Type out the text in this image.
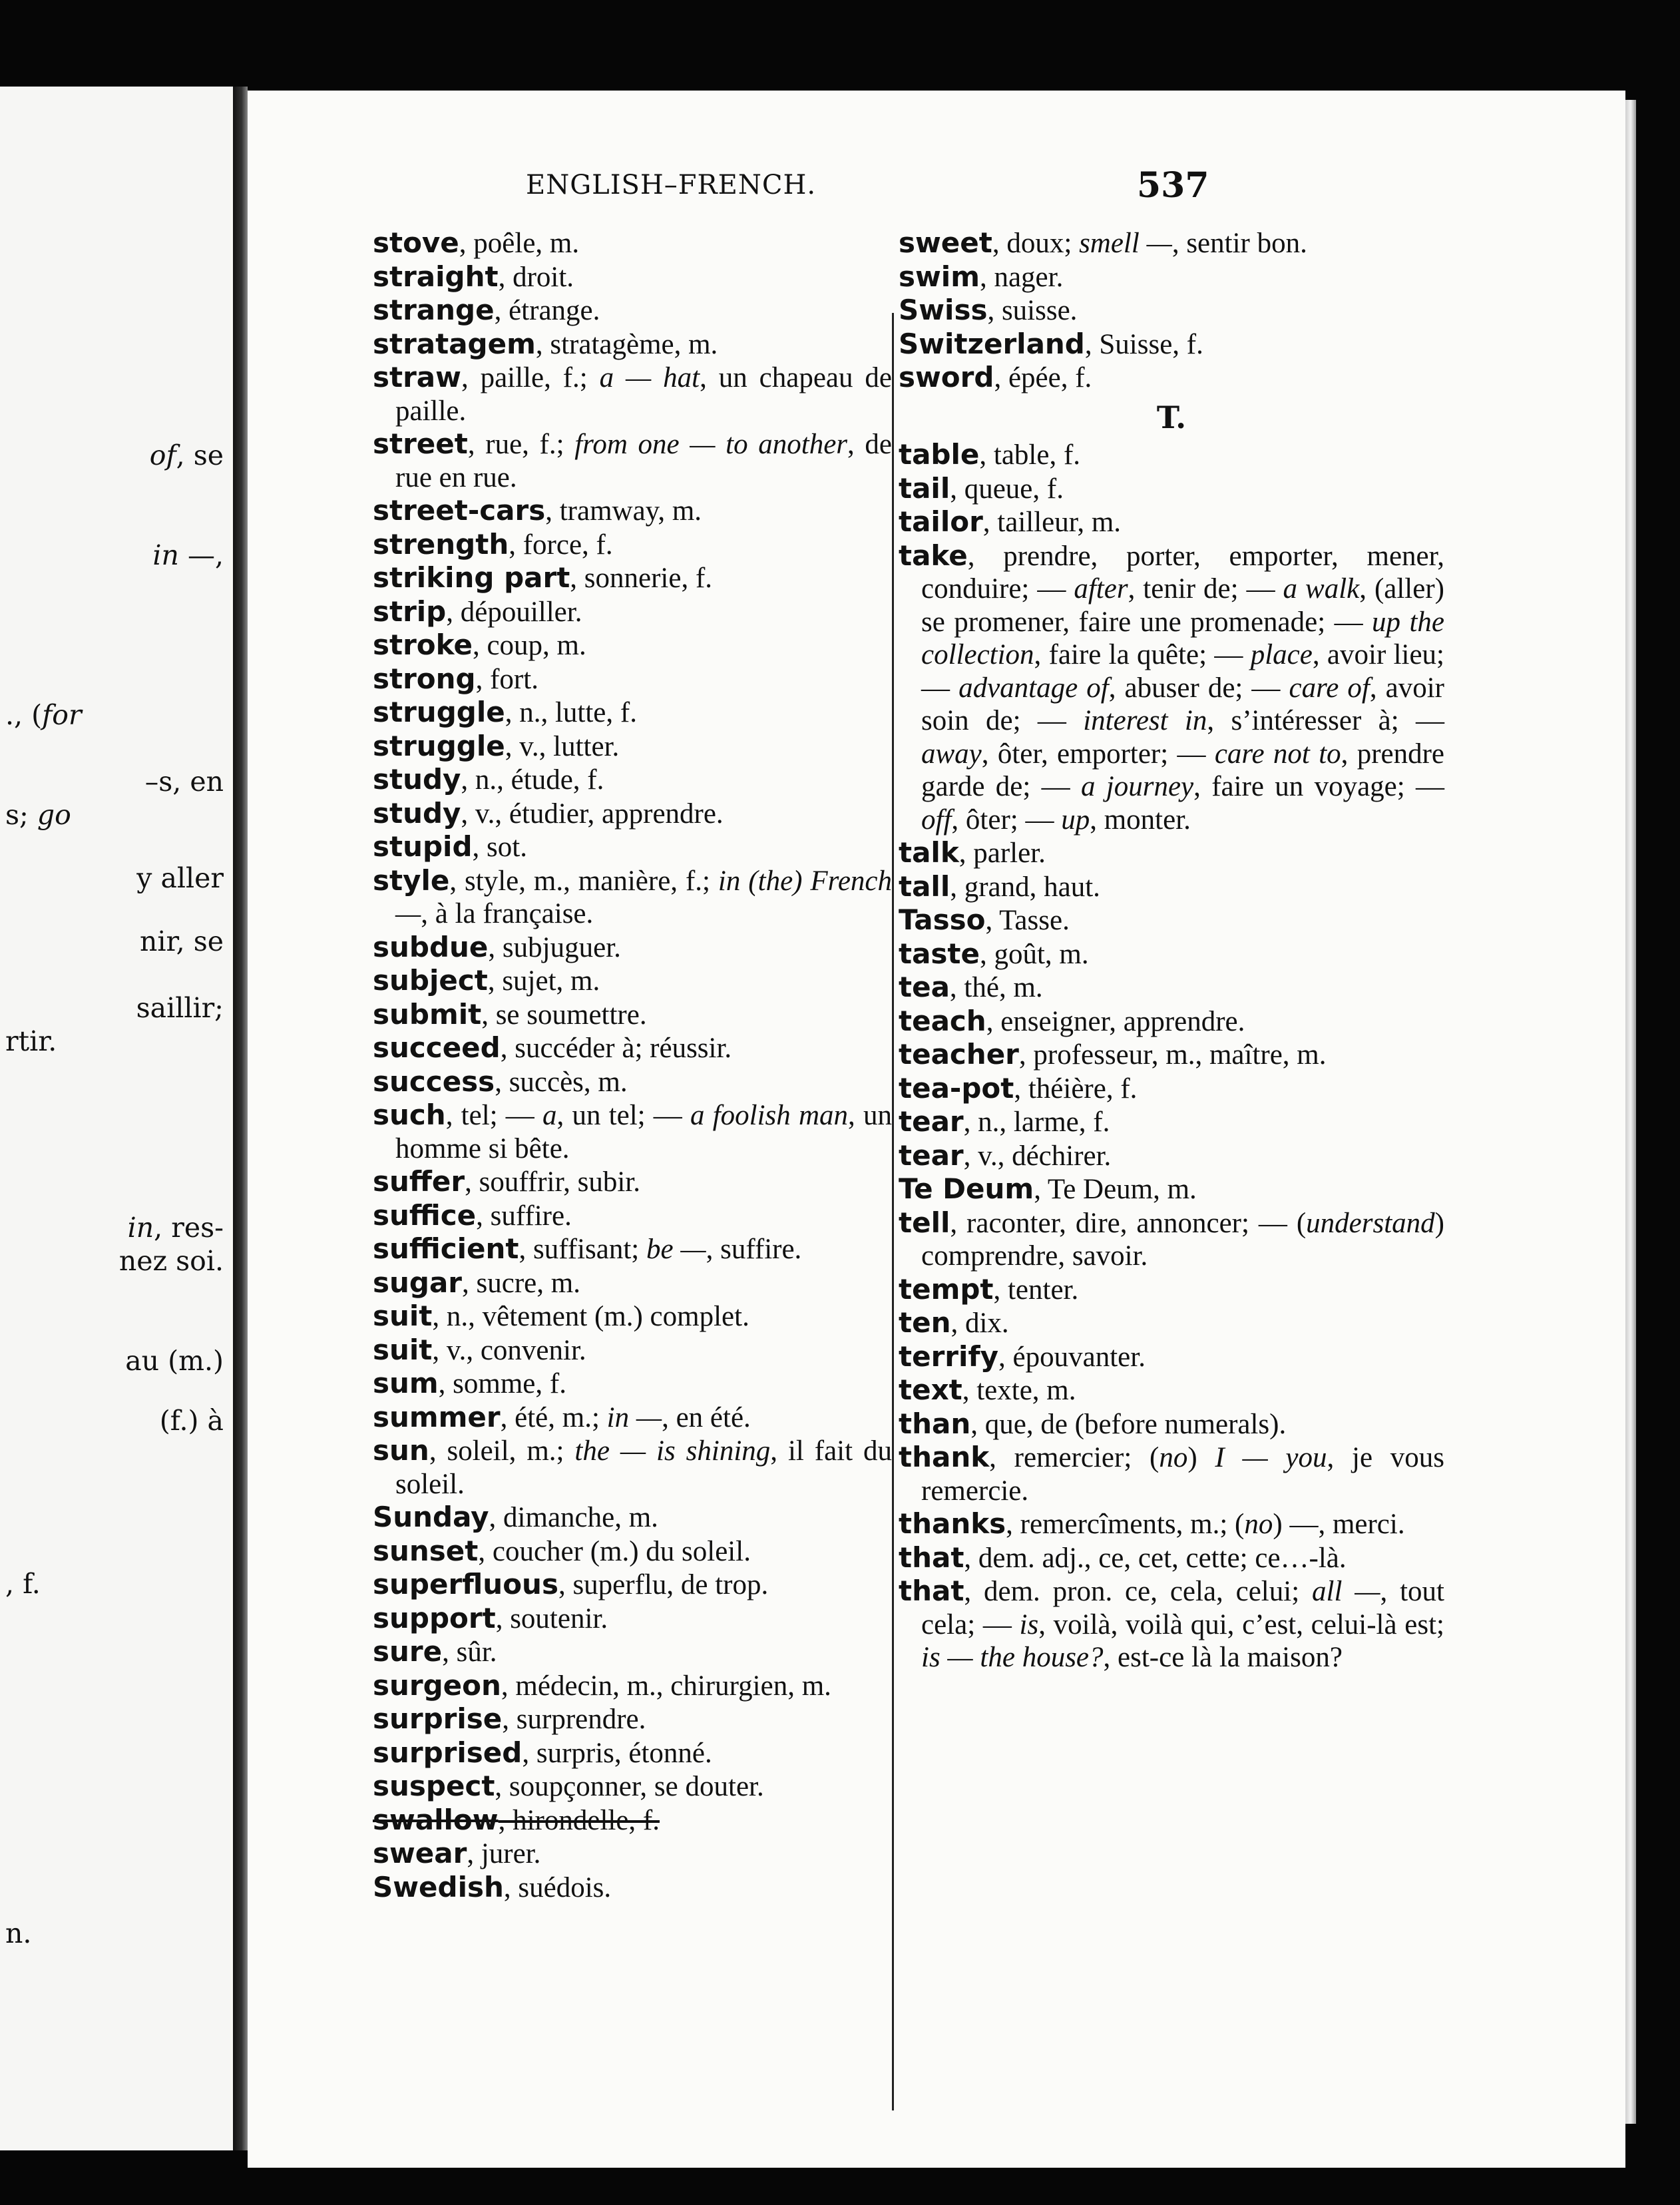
of, se
in —,
., (for
–s, en
s; go
y aller
nir, se
saillir;
rtir.
in, res-
nez soi.
au (m.)
(f.) à
, f.
n.
ENGLISH–FRENCH.	537

stove, poêle, m.

straight, droit.

strange, étrange.

stratagem, stratagème, m.

straw, paille, f.; a — hat, un chapeau de paille.

street, rue, f.; from one — to another, de rue en rue.

street-cars, tramway, m.

strength, force, f.

striking part, sonnerie, f.

strip, dépouiller.

stroke, coup, m.

strong, fort.

struggle, n., lutte, f.

struggle, v., lutter.

study, n., étude, f.

study, v., étudier, apprendre.

stupid, sot.

style, style, m., manière, f.; in (the) French —, à la française.

subdue, subjuguer.

subject, sujet, m.

submit, se soumettre.

succeed, succéder à; réussir.

success, succès, m.

such, tel; — a, un tel; — a foolish man, un homme si bête.

suffer, souffrir, subir.

suffice, suffire.

sufficient, suffisant; be —, suffire.

sugar, sucre, m.

suit, n., vêtement (m.) complet.

suit, v., convenir.

sum, somme, f.

summer, été, m.; in —, en été.

sun, soleil, m.; the — is shining, il fait du soleil.

Sunday, dimanche, m.

sunset, coucher (m.) du soleil.

superfluous, superflu, de trop.

support, soutenir.

sure, sûr.

surgeon, médecin, m., chirurgien, m.

surprise, surprendre.

surprised, surpris, étonné.

suspect, soupçonner, se douter.

swallow, hirondelle, f.

swear, jurer.

Swedish, suédois.

sweet, doux; smell —, sentir bon.

swim, nager.

Swiss, suisse.

Switzerland, Suisse, f.

sword, épée, f.

T.

table, table, f.

tail, queue, f.

tailor, tailleur, m.

take, prendre, porter, emporter, mener, conduire; — after, tenir de; — a walk, (aller) se promener, faire une promenade; — up the collection, faire la quête; — place, avoir lieu; — advantage of, abuser de; — care of, avoir soin de; — interest in, s’intéresser à; — away, ôter, emporter; — care not to, prendre garde de; — a journey, faire un voyage; — off, ôter; — up, monter.

talk, parler.

tall, grand, haut.

Tasso, Tasse.

taste, goût, m.

tea, thé, m.

teach, enseigner, apprendre.

teacher, professeur, m., maître, m.

tea-pot, théière, f.

tear, n., larme, f.

tear, v., déchirer.

Te Deum, Te Deum, m.

tell, raconter, dire, annoncer; — (understand) comprendre, savoir.

tempt, tenter.

ten, dix.

terrify, épouvanter.

text, texte, m.

than, que, de (before numerals).

thank, remercier; (no) I — you, je vous remercie.

thanks, remercîments, m.; (no) —, merci.

that, dem. adj., ce, cet, cette; ce…-là.

that, dem. pron. ce, cela, celui; all —, tout cela; — is, voilà, voilà qui, c’est, celui-là est; is — the house?, est-ce là la maison?
